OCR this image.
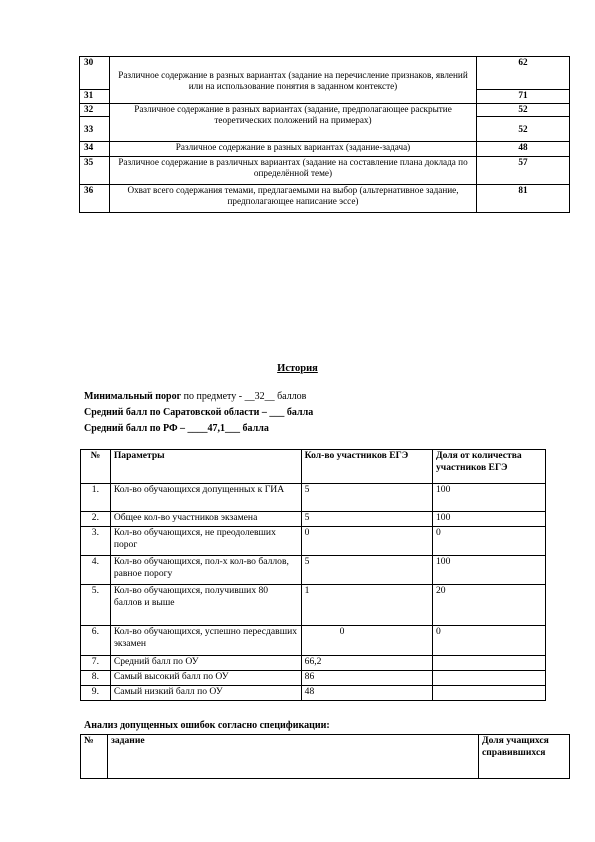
30	Различное содержание в разных вариантах (задание на перечисление признаков, явлений или на использование понятия в заданном контексте)	62
31		71
32	Различное содержание в разных вариантах (задание, предполагающее раскрытие теоретических положений на примерах)	52
33		52
34	Различное содержание в разных вариантах (задание-задача)	48
35	Различное содержание в различных вариантах (задание на составление плана доклада по определённой теме)	57
36	Охват всего содержания темами, предлагаемыми на выбор (альтернативное задание, предполагающее написание эссе)	81
История
Минимальный порог по предмету - __32__ баллов
Средний балл по Саратовской области – ___ балла
Средний балл по РФ – ____47,1___ балла
№	Параметры	Кол-во участников ЕГЭ	Доля от количества участников ЕГЭ
1.	Кол-во обучающихся допущенных к ГИА	5	100
2.	Общее кол-во участников экзамена	5	100
3.	Кол-во обучающихся, не преодолевших порог	0	0
4.	Кол-во обучающихся, пол-х кол-во баллов, равное порогу	5	100
5.	Кол-во обучающихся, получивших 80 баллов и выше	1	20
6.	Кол-во обучающихся, успешно пересдавших экзамен	0	0
7.	Средний балл по ОУ	66,2	
8.	Самый высокий балл по ОУ	86	
9.	Самый низкий балл по ОУ	48	
Анализ допущенных ошибок согласно спецификации:
№	задание	Доля учащихся справившихся
